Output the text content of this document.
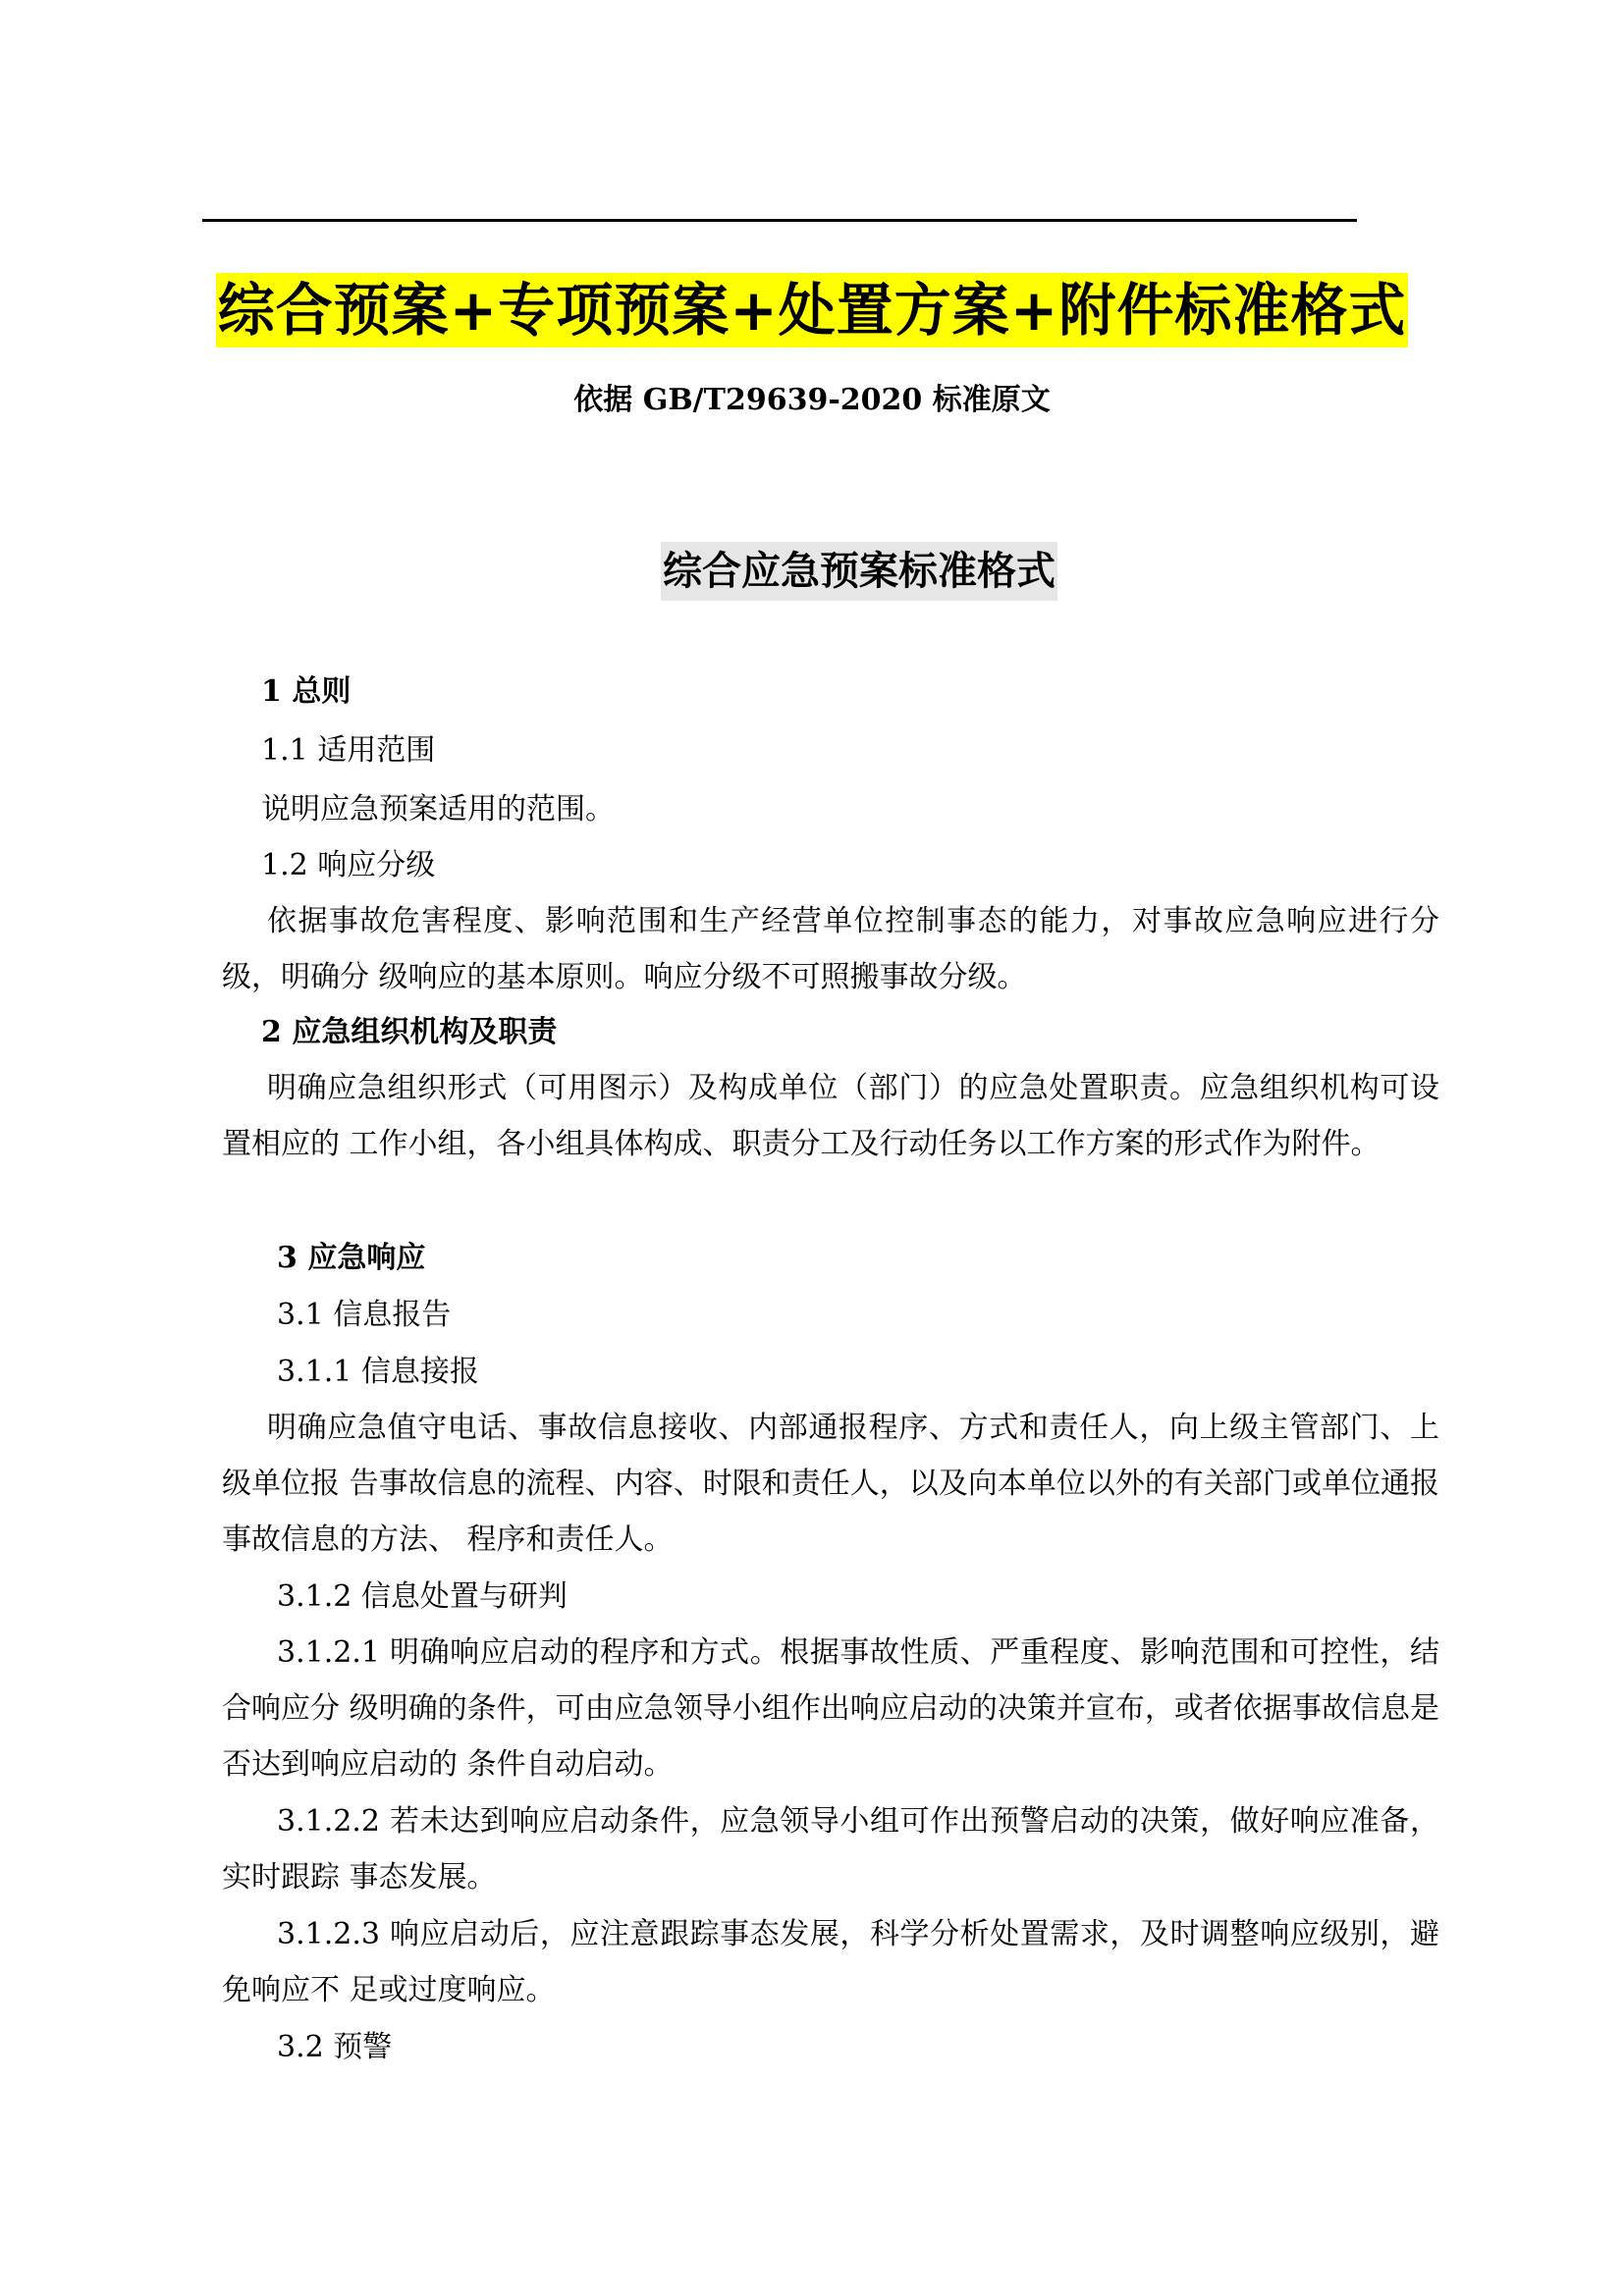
综合预案+专项预案+处置方案+附件标准格式
依据 GB/T29639-2020 标准原文
综合应急预案标准格式
1 总则
1.1 适用范围
说明应急预案适用的范围。
1.2 响应分级
依据事故危害程度、影响范围和生产经营单位控制事态的能力，对事故应急响应进行分级，明确分 级响应的基本原则。响应分级不可照搬事故分级。
2 应急组织机构及职责
明确应急组织形式（可用图示）及构成单位（部门）的应急处置职责。应急组织机构可设置相应的 工作小组，各小组具体构成、职责分工及行动任务以工作方案的形式作为附件。
3 应急响应
3.1 信息报告
3.1.1 信息接报
明确应急值守电话、事故信息接收、内部通报程序、方式和责任人，向上级主管部门、上级单位报 告事故信息的流程、内容、时限和责任人，以及向本单位以外的有关部门或单位通报事故信息的方法、 程序和责任人。
3.1.2 信息处置与研判
3.1.2.1 明确响应启动的程序和方式。根据事故性质、严重程度、影响范围和可控性，结合响应分 级明确的条件，可由应急领导小组作出响应启动的决策并宣布，或者依据事故信息是否达到响应启动的 条件自动启动。
3.1.2.2 若未达到响应启动条件，应急领导小组可作出预警启动的决策，做好响应准备，实时跟踪 事态发展。
3.1.2.3 响应启动后，应注意跟踪事态发展，科学分析处置需求，及时调整响应级别，避免响应不 足或过度响应。
3.2 预警
